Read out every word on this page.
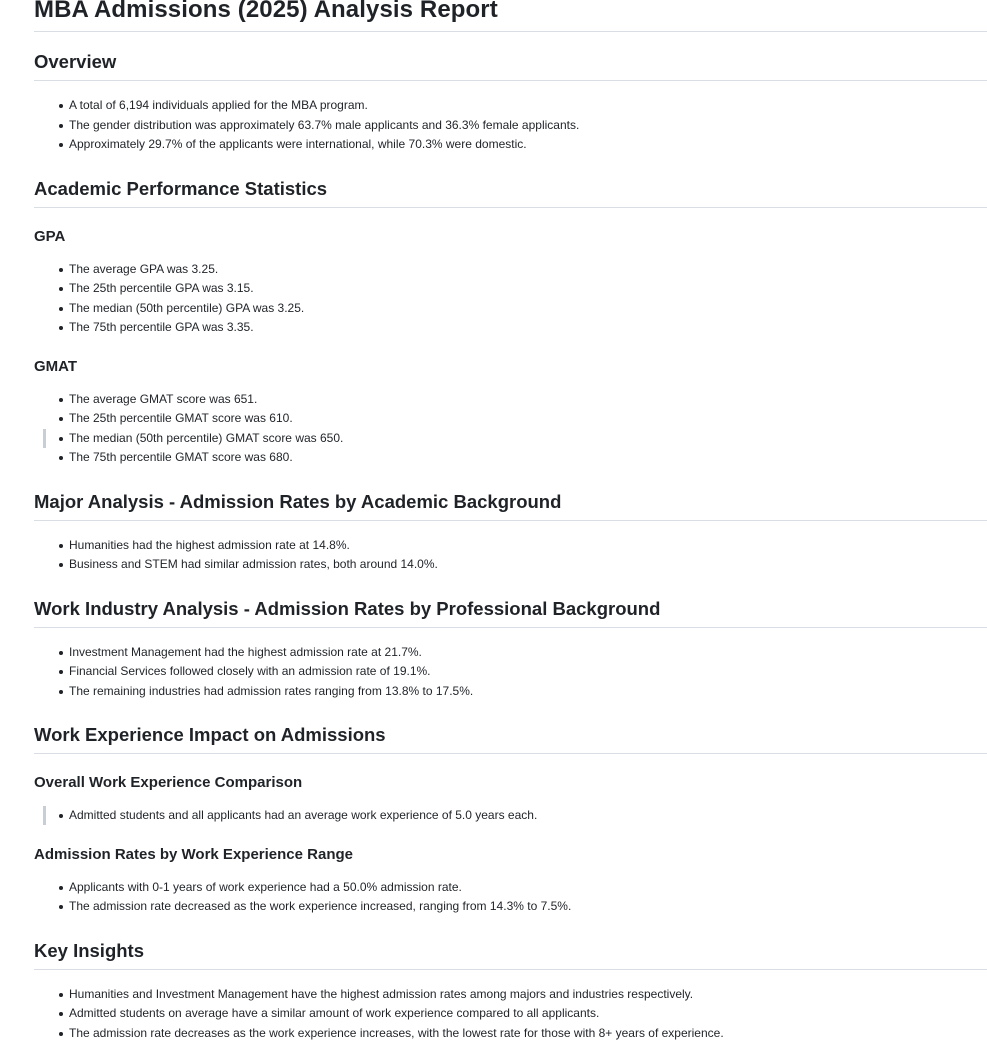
MBA Admissions (2025) Analysis Report
Overview
A total of 6,194 individuals applied for the MBA program.
The gender distribution was approximately 63.7% male applicants and 36.3% female applicants.
Approximately 29.7% of the applicants were international, while 70.3% were domestic.
Academic Performance Statistics
GPA
The average GPA was 3.25.
The 25th percentile GPA was 3.15.
The median (50th percentile) GPA was 3.25.
The 75th percentile GPA was 3.35.
GMAT
The average GMAT score was 651.
The 25th percentile GMAT score was 610.
The median (50th percentile) GMAT score was 650.
The 75th percentile GMAT score was 680.
Major Analysis - Admission Rates by Academic Background
Humanities had the highest admission rate at 14.8%.
Business and STEM had similar admission rates, both around 14.0%.
Work Industry Analysis - Admission Rates by Professional Background
Investment Management had the highest admission rate at 21.7%.
Financial Services followed closely with an admission rate of 19.1%.
The remaining industries had admission rates ranging from 13.8% to 17.5%.
Work Experience Impact on Admissions
Overall Work Experience Comparison
Admitted students and all applicants had an average work experience of 5.0 years each.
Admission Rates by Work Experience Range
Applicants with 0-1 years of work experience had a 50.0% admission rate.
The admission rate decreased as the work experience increased, ranging from 14.3% to 7.5%.
Key Insights
Humanities and Investment Management have the highest admission rates among majors and industries respectively.
Admitted students on average have a similar amount of work experience compared to all applicants.
The admission rate decreases as the work experience increases, with the lowest rate for those with 8+ years of experience.
